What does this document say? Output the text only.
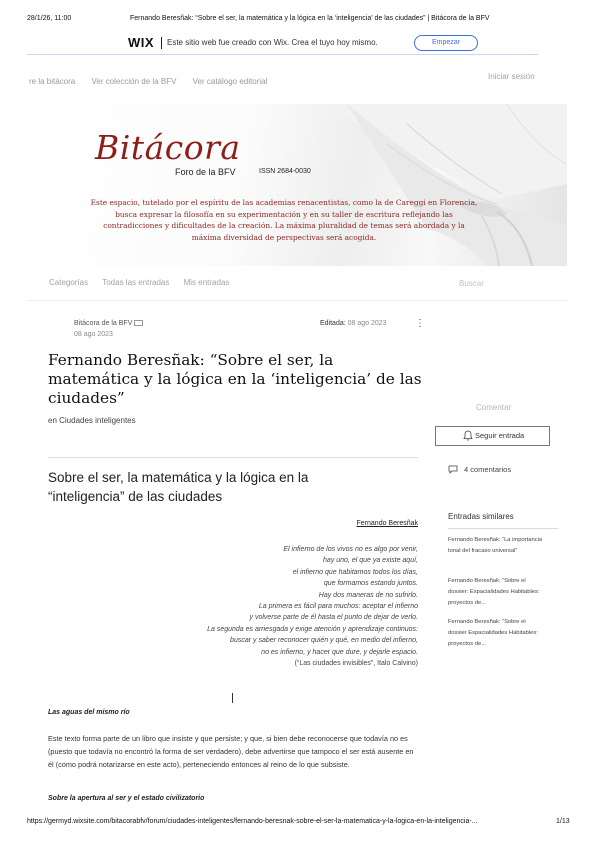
28/1/26, 11:00	Fernando Beresñak: “Sobre el ser, la matemática y la lógica en la ‘inteligencia’ de las ciudades” | Bitácora de la BFV
WIX Este sitio web fue creado con Wix. Crea el tuyo hoy mismo.	Empezar
re la bitácora Ver colección de la BFV Ver catálogo editorial
Iniciar sesión
Bitácora
Foro de la BFV	ISSN 2684-0030
Este espacio, tutelado por el espíritu de las academias renacentistas, como la de Careggi en Florencia,
busca expresar la filosofía en su experimentación y en su taller de escritura reflejando las
contradicciones y dificultades de la creación. La máxima pluralidad de temas será abordada y la
máxima diversidad de perspectivas será acogida.
Categorías Todas las entradas Mis entradas	Buscar
Bitácora de la BFV
08 ago 2023
Editada: 08 ago 2023	⋮
Fernando Beresñak: “Sobre el ser, la matemática y la lógica en la ‘inteligencia’ de las ciudades”
en Ciudades inteligentes
Sobre el ser, la matemática y la lógica en la “inteligencia” de las ciudades
Fernando Beresñak
El infierno de los vivos no es algo por venir,
hay uno, el que ya existe aquí,
el infierno que habitamos todos los días,
que formamos estando juntos.
Hay dos maneras de no sufrirlo.
La primera es fácil para muchos: aceptar el infierno
y volverse parte de él hasta el punto de dejar de verlo.
La segunda es arriesgada y exige atención y aprendizaje continuos:
buscar y saber reconocer quién y qué, en medio del infierno,
no es infierno, y hacer que dure, y dejarle espacio.
(“Las ciudades invisibles”, Italo Calvino)
Las aguas del mismo río
Este texto forma parte de un libro que insiste y que persiste; y que, si bien debe reconocerse que todavía no es (puesto que todavía no encontró la forma de ser verdadero), debe advertirse que tampoco el ser está ausente en él (como podrá notarizarse en este acto), perteneciendo entonces al reino de lo que subsiste.
Sobre la apertura al ser y el estado civilizatorio
Comentar
Seguir entrada
4 comentarios
Entradas similares
Fernando Beresñak: “La importancia tonal del fracaso universal”
Fernando Beresñak: “Sobre el dossier: Espacialidades Habitables: proyectos de...
Fernando Beresñak: “Sobre el dossier Espacialidades Habitables: proyectos de...
https://germyd.wixsite.com/bitacorabfv/forum/ciudades-inteligentes/fernando-beresnak-sobre-el-ser-la-matematica-y-la-logica-en-la-inteligencia-...	1/13
